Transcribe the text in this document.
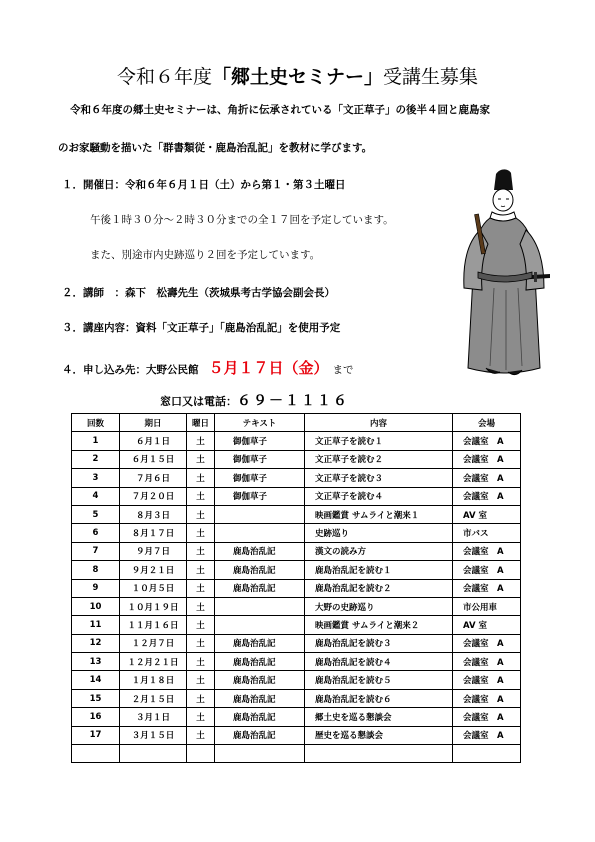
令和６年度「郷土史セミナー」受講生募集
令和６年度の郷土史セミナーは、角折に伝承されている「文正草子」の後半４回と鹿島家
のお家騒動を描いた「群書類従・鹿島治乱記」を教材に学びます。
１．開催日：令和６年６月１日（土）から第１・第３土曜日
午後１時３０分～２時３０分までの全１７回を予定しています。
また、別途市内史跡巡り２回を予定しています。
２．講師　：森下　松壽先生（茨城県考古学協会副会長）
３．講座内容：資料「文正草子」「鹿島治乱記」を使用予定
４．申し込み先：大野公民館 ５月１７日（金） まで
窓口又は電話：６９－１１１６
回数	期日	曜日	テキスト	内容	会場
1	６月１日	土	御伽草子	文正草子を読む１	会議室　A
2	６月１５日	土	御伽草子	文正草子を読む２	会議室　A
3	７月６日	土	御伽草子	文正草子を読む３	会議室　A
4	７月２０日	土	御伽草子	文正草子を読む４	会議室　A
5	８月３日	土		映画鑑賞 サムライと潮来１	AV 室
6	８月１７日	土		史跡巡り	市バス
7	９月７日	土	鹿島治乱記	漢文の読み方	会議室　A
8	９月２１日	土	鹿島治乱記	鹿島治乱記を読む１	会議室　A
9	１０月５日	土	鹿島治乱記	鹿島治乱記を読む２	会議室　A
10	１０月１９日	土		大野の史跡巡り	市公用車
11	１１月１６日	土		映画鑑賞 サムライと潮来２	AV 室
12	１２月７日	土	鹿島治乱記	鹿島治乱記を読む３	会議室　A
13	１２月２１日	土	鹿島治乱記	鹿島治乱記を読む４	会議室　A
14	１月１８日	土	鹿島治乱記	鹿島治乱記を読む５	会議室　A
15	２月１５日	土	鹿島治乱記	鹿島治乱記を読む６	会議室　A
16	３月１日	土	鹿島治乱記	郷土史を巡る懇談会	会議室　A
17	３月１５日	土	鹿島治乱記	歴史を巡る懇談会	会議室　A
